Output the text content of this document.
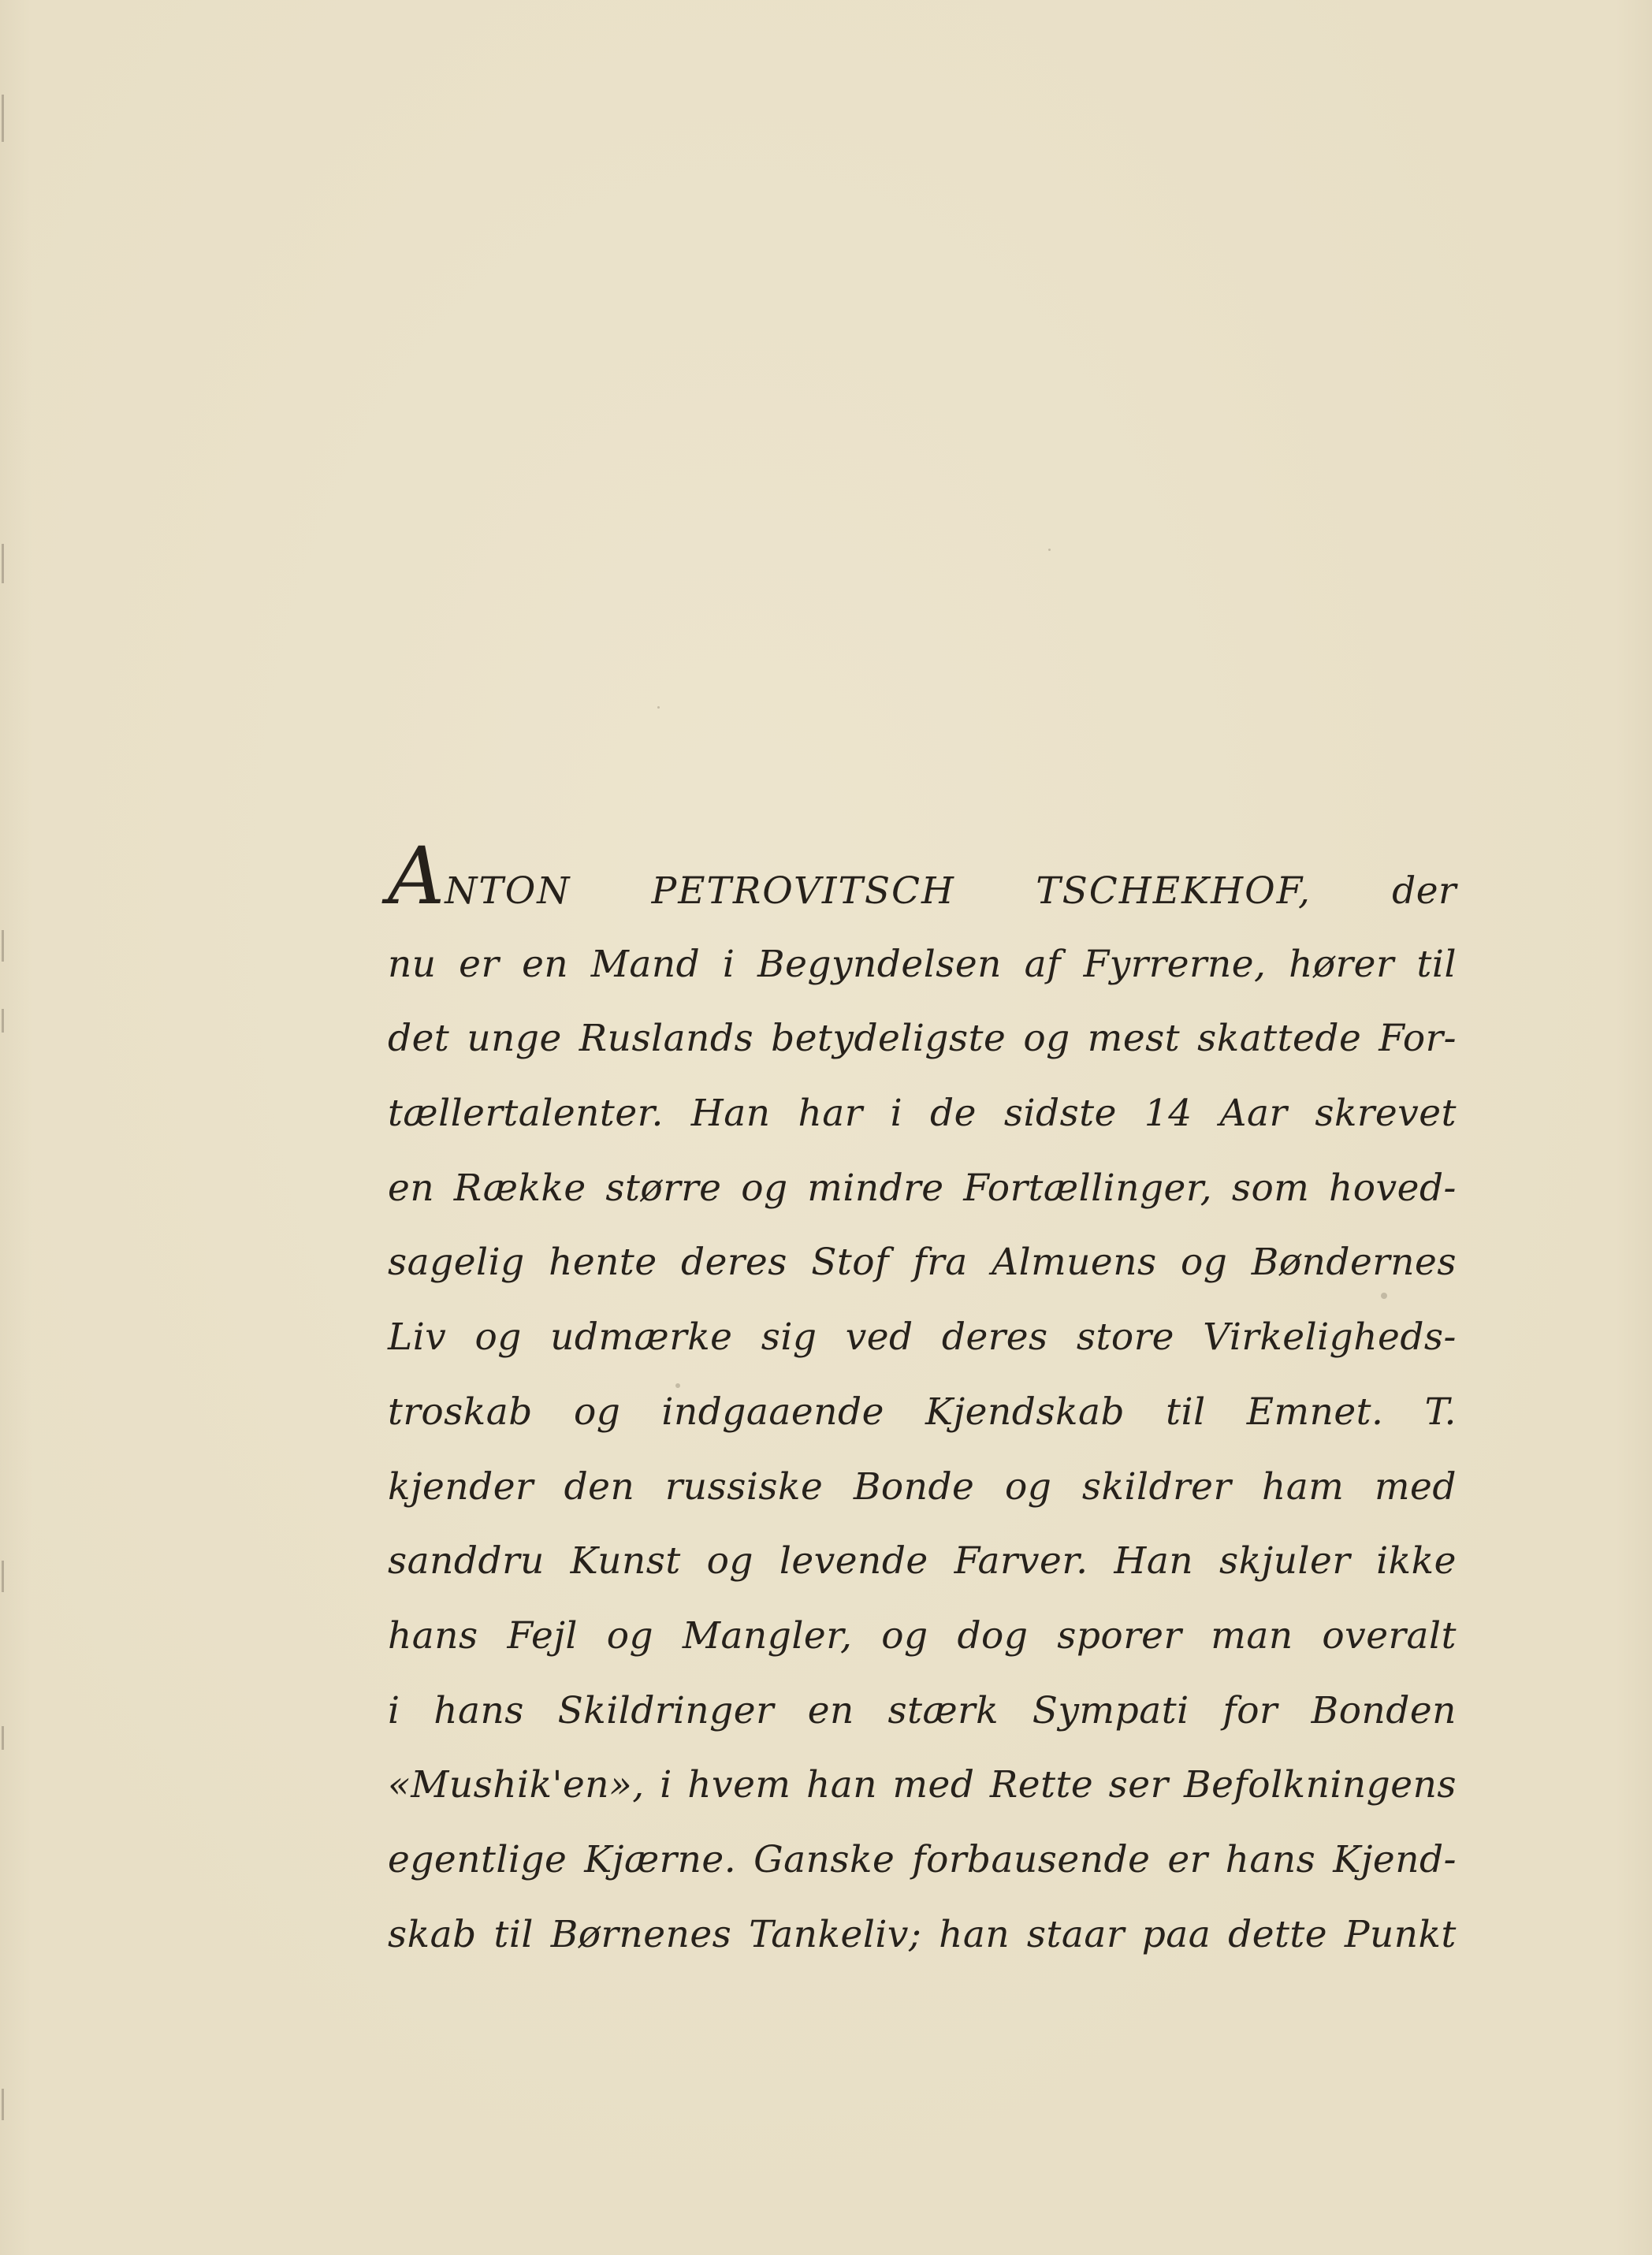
ANTON PETROVITSCH TSCHEKHOF, der
nu er en Mand i Begyndelsen af Fyrrerne, hører til
det unge Ruslands betydeligste og mest skattede For-
tællertalenter. Han har i de sidste 14 Aar skrevet
en Række større og mindre Fortællinger, som hoved-
sagelig hente deres Stof fra Almuens og Bøndernes
Liv og udmærke sig ved deres store Virkeligheds-
troskab og indgaaende Kjendskab til Emnet. T.
kjender den russiske Bonde og skildrer ham med
sanddru Kunst og levende Farver. Han skjuler ikke
hans Fejl og Mangler, og dog sporer man overalt
i hans Skildringer en stærk Sympati for Bonden
«Mushik'en», i hvem han med Rette ser Befolkningens
egentlige Kjærne. Ganske forbausende er hans Kjend-
skab til Børnenes Tankeliv; han staar paa dette Punkt
